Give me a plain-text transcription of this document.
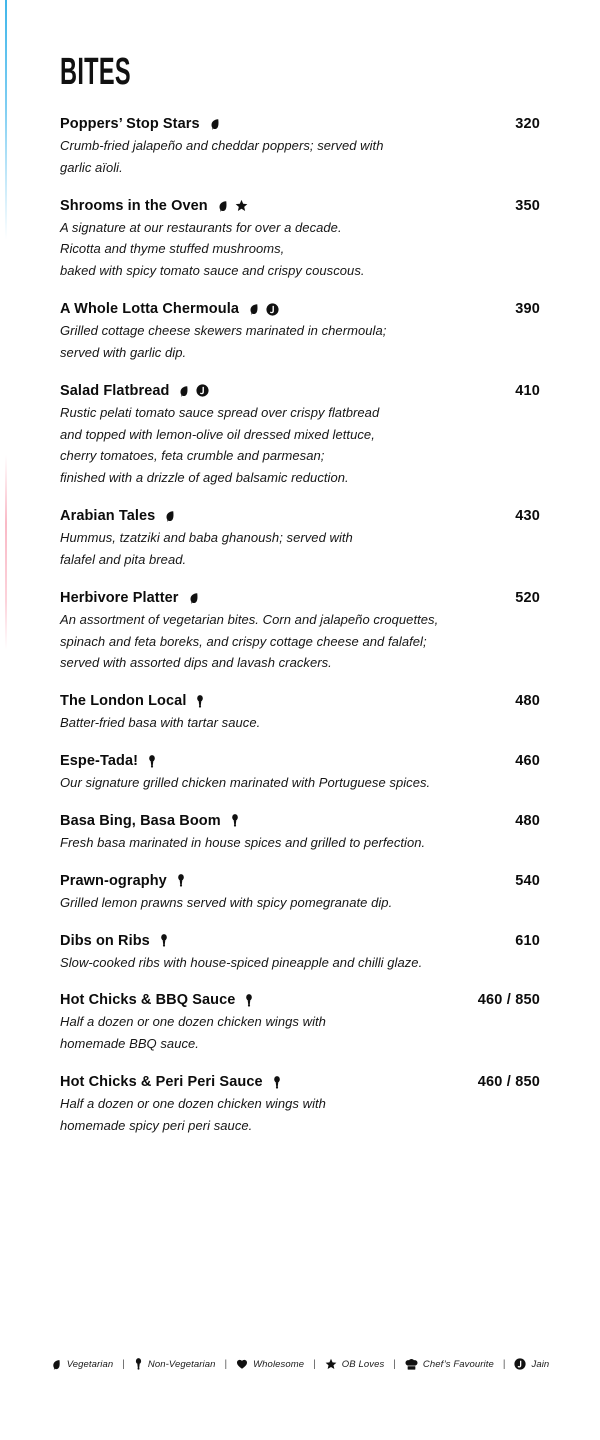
BITES
Poppers’ Stop Stars	320

Crumb-fried jalapeño and cheddar poppers; served with
garlic aïoli.

Shrooms in the Oven	350

A signature at our restaurants for over a decade.
Ricotta and thyme stuffed mushrooms,
baked with spicy tomato sauce and crispy couscous.

A Whole Lotta Chermoula	390

Grilled cottage cheese skewers marinated in chermoula;
served with garlic dip.

Salad Flatbread	410

Rustic pelati tomato sauce spread over crispy flatbread
and topped with lemon-olive oil dressed mixed lettuce,
cherry tomatoes, feta crumble and parmesan;
finished with a drizzle of aged balsamic reduction.

Arabian Tales	430

Hummus, tzatziki and baba ghanoush; served with
falafel and pita bread.

Herbivore Platter	520

An assortment of vegetarian bites. Corn and jalapeño croquettes,
spinach and feta boreks, and crispy cottage cheese and falafel;
served with assorted dips and lavash crackers.

The London Local	480

Batter-fried basa with tartar sauce.

Espe-Tada!	460

Our signature grilled chicken marinated with Portuguese spices.

Basa Bing, Basa Boom	480

Fresh basa marinated in house spices and grilled to perfection.

Prawn-ography	540

Grilled lemon prawns served with spicy pomegranate dip.

Dibs on Ribs	610

Slow-cooked ribs with house-spiced pineapple and chilli glaze.

Hot Chicks & BBQ Sauce	460 / 850

Half a dozen or one dozen chicken wings with
homemade BBQ sauce.

Hot Chicks & Peri Peri Sauce	460 / 850

Half a dozen or one dozen chicken wings with
homemade spicy peri peri sauce.

Vegetarian | Non-Vegetarian |	Wholesome |	OB Loves |	Chef’s Favourite |	Jain
